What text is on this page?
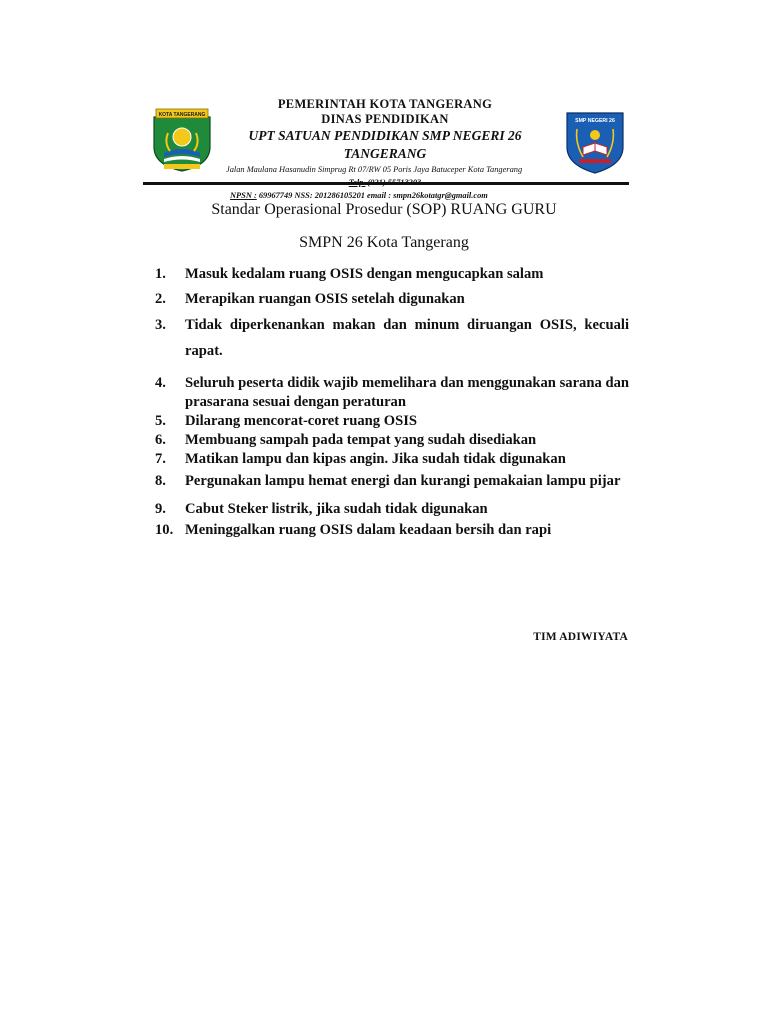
KOTA TANGERANG
PEMERINTAH KOTA TANGERANG
DINAS PENDIDIKAN
UPT SATUAN PENDIDIKAN SMP NEGERI 26 TANGERANG
Jalan Maulana Hasanudin Simprug Rt 07/RW 05 Poris Jaya Batuceper Kota Tangerang
NPSN : 69967749 NSS: 201286105201 email : smpn26kotatgr@gmail.com
SMP NEGERI 26
Standar Operasional Prosedur (SOP) RUANG GURU
SMPN 26 Kota Tangerang
1.	Masuk kedalam ruang OSIS dengan mengucapkan salam
2.	Merapikan ruangan OSIS setelah digunakan
3.	Tidak diperkenankan makan dan minum diruangan OSIS, kecuali rapat.
4.	Seluruh peserta didik wajib memelihara dan menggunakan sarana dan prasarana sesuai dengan peraturan
5.	Dilarang mencorat-coret ruang OSIS
6.	Membuang sampah pada tempat yang sudah disediakan
7.	Matikan lampu dan kipas angin. Jika sudah tidak digunakan
8.	Pergunakan lampu hemat energi dan kurangi pemakaian lampu pijar
9.	Cabut Steker listrik, jika sudah tidak digunakan
10. Meninggalkan ruang OSIS dalam keadaan bersih dan rapi
TIM ADIWIYATA
